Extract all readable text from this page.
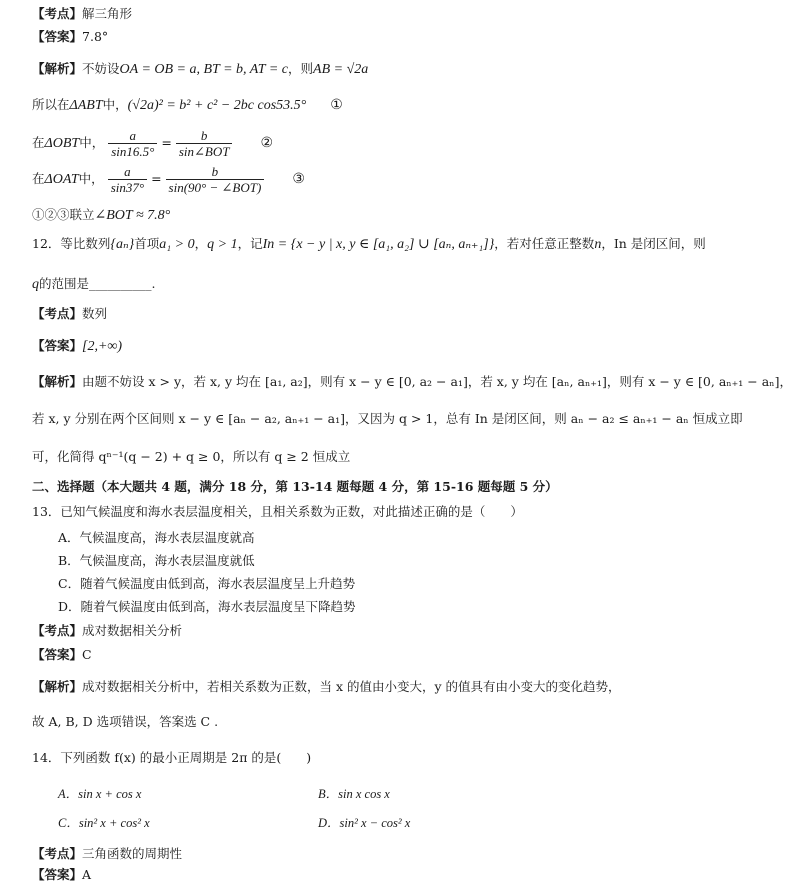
【考点】解三角形
【答案】7.8°
【解析】不妨设OA = OB = a, BT = b, AT = c，则AB = √2a
所以在ΔABT中，(√2a)² = b² + c² − 2bc cos53.5° ①
在ΔOBT中， $\frac{a}{\sin 16.5^\circ} = \frac{b}{\text{sin∠BOT}}$ ②
在ΔOAT中， $\frac{a}{\sin 37^\circ} = \frac{b}{\text{sin(90° − ∠BOT)}}$ ③
①②③联立∠BOT ≈ 7.8°
12．等比数列{aₙ}首项a₁ > 0，q > 1，记In = {x − y | x, y ∈ [a₁, a₂] ∪ [aₙ, aₙ₊₁]}，若对任意正整数n，In 是闭区间，则
q的范围是__________.
【考点】数列
【答案】[2,+∞)
【解析】由题不妨设 x > y，若 x, y 均在 [a₁, a₂]，则有 x − y ∈ [0, a₂ − a₁]，若 x, y 均在 [aₙ, aₙ₊₁]，则有 x − y ∈ [0, aₙ₊₁ − aₙ]，
若 x, y 分别在两个区间则 x − y ∈ [aₙ − a₂, aₙ₊₁ − a₁]，又因为 q > 1，总有 In 是闭区间，则 aₙ − a₂ ≤ aₙ₊₁ − aₙ 恒成立即
可，化简得 qⁿ⁻¹(q − 2) + q ≥ 0，所以有 q ≥ 2 恒成立
二、选择题（本大题共 4 题，满分 18 分，第 13-14 题每题 4 分，第 15-16 题每题 5 分）
13．已知气候温度和海水表层温度相关，且相关系数为正数，对此描述正确的是（　　）
A．气候温度高，海水表层温度就高
B．气候温度高，海水表层温度就低
C．随着气候温度由低到高，海水表层温度呈上升趋势
D．随着气候温度由低到高，海水表层温度呈下降趋势
【考点】成对数据相关分析
【答案】C
【解析】成对数据相关分析中，若相关系数为正数，当 x 的值由小变大，y 的值具有由小变大的变化趋势，
故 A, B, D 选项错误，答案选 C .
14．下列函数 f(x) 的最小正周期是 2π 的是(　　)
A．sin x + cos x	B．sin x cos x
C．sin² x + cos² x	D．sin² x − cos² x
【考点】三角函数的周期性
【答案】A
